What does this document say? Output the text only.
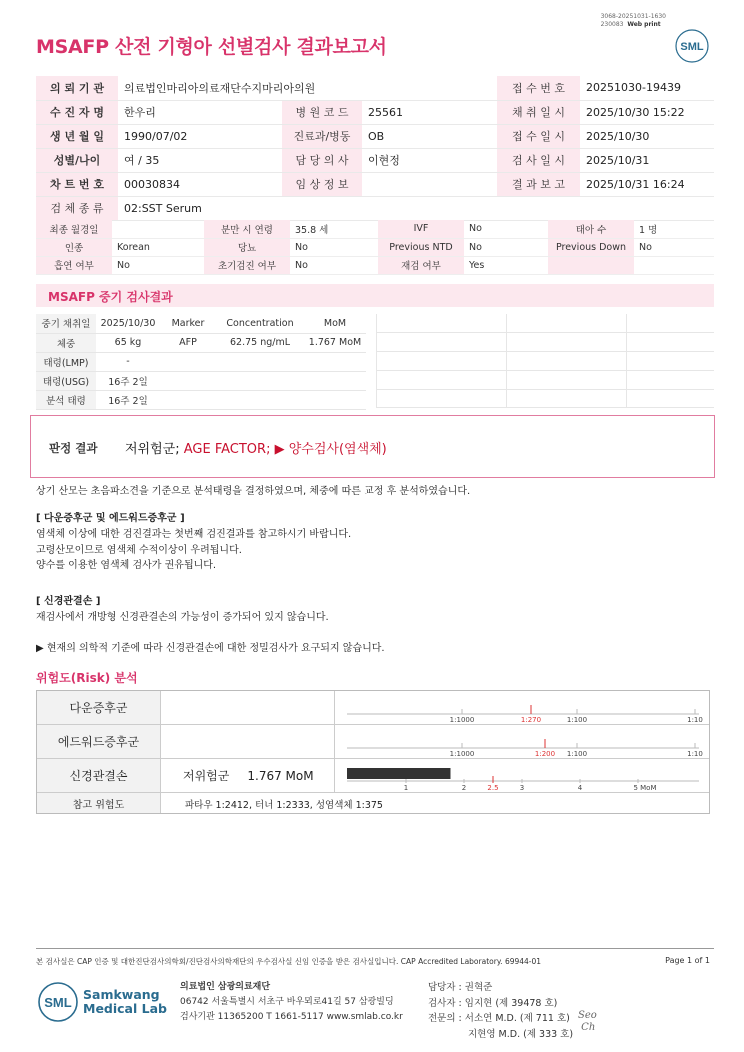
MSAFP 산전 기형아 선별검사 결과보고서
3068-20251031-1630
230083 Web print
SML
의 뢰 기 관	의료법인마리아의료재단수지마리아의원			접 수 번 호	20251030-19439
수 진 자 명	한우리	병 원 코 드	25561	채 취 일 시	2025/10/30 15:22
생 년 월 일	1990/07/02	진료과/병동	OB	접 수 일 시	2025/10/30
성별/나이	여 / 35	담 당 의 사	이현정	검 사 일 시	2025/10/31
차 트 번 호	00030834	임 상 정 보		결 과 보 고	2025/10/31 16:24
검 체 종 류	02:SST Serum				
최종 월경일		분만 시 연령	35.8 세	IVF	No	태아 수	1 명
인종	Korean	당뇨	No	Previous NTD	No	Previous Down	No
흡연 여부	No	초기검진 여부	No	재검 여부	Yes		
MSAFP 중기 검사결과
중기 채취일	2025/10/30	Marker	Concentration	MoM
체중	65 kg	AFP	62.75 ng/mL	1.767 MoM
태령(LMP)	-			
태령(USG)	16주 2일			
분석 태령	16주 2일			
판정 결과 저위험군; AGE FACTOR; ▶ 양수검사(염색체)
상기 산모는 초음파소견을 기준으로 분석태령을 결정하였으며, 체중에 따른 교정 후 분석하였습니다.
[ 다운증후군 및 에드워드증후군 ]
염색체 이상에 대한 검진결과는 첫번째 검진결과를 참고하시기 바랍니다.
고령산모이므로 염색체 수적이상이 우려됩니다.
양수를 이용한 염색체 검사가 권유됩니다.
[ 신경관결손 ]
재검사에서 개방형 신경관결손의 가능성이 증가되어 있지 않습니다.
▶ 현재의 의학적 기준에 따라 신경관결손에 대한 정밀검사가 요구되지 않습니다.
위험도(Risk) 분석
다운증후군
1:1000	1:270	1:100	1:10
에드워드증후군
1:1000	1:200 1:100	1:10
신경관결손	저위험군 1.767 MoM
1	2	2.5	3	4	5 MoM
참고 위험도	파타우 1:2412, 터너 1:2333, 성염색체 1:375
본 검사실은 CAP 인증 및 대한진단검사의학회/진단검사의학재단의 우수검사실 신임 인증을 받은 검사실입니다. CAP Accredited Laboratory. 69944-01	Page 1 of 1
SML
Samkwang
Medical Lab
의료법인 삼광의료재단
06742 서울특별시 서초구 바우뫼로41길 57 삼광빌딩
검사기관 11365200 T 1661-5117 www.smlab.co.kr
담당자 : 권혁준
검사자 : 임지현 (제 39478 호)
전문의 : 서소연 M.D. (제 711 호)
지현영 M.D. (제 333 호)
Seo
Ch
